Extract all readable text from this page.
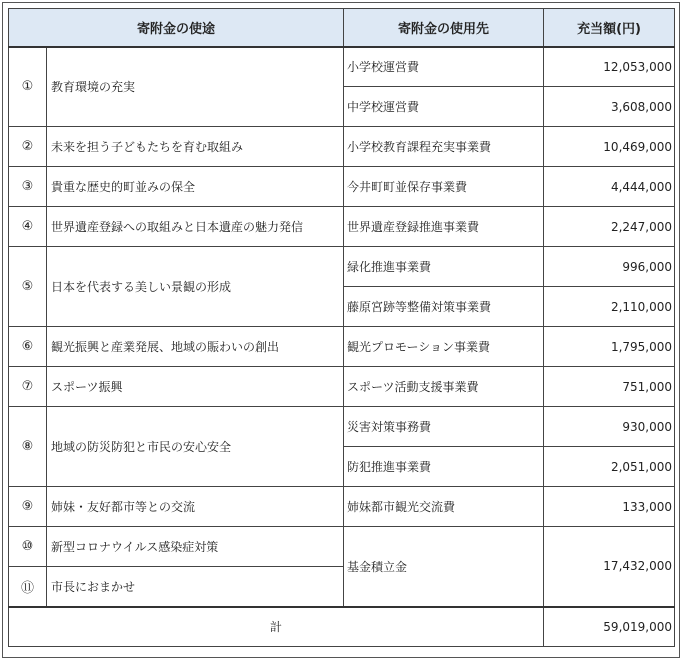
寄附金の使途		寄附金の使用先	充当額(円)
①	教育環境の充実	小学校運営費	12,053,000
		中学校運営費	3,608,000
②	未来を担う子どもたちを育む取組み	小学校教育課程充実事業費	10,469,000
③	貴重な歴史的町並みの保全	今井町町並保存事業費	4,444,000
④	世界遺産登録への取組みと日本遺産の魅力発信	世界遺産登録推進事業費	2,247,000
⑤	日本を代表する美しい景観の形成	緑化推進事業費	996,000
		藤原宮跡等整備対策事業費	2,110,000
⑥	観光振興と産業発展、地域の賑わいの創出	観光プロモーション事業費	1,795,000
⑦	スポーツ振興	スポーツ活動支援事業費	751,000
⑧	地域の防災防犯と市民の安心安全	災害対策事務費	930,000
		防犯推進事業費	2,051,000
⑨	姉妹・友好都市等との交流	姉妹都市観光交流費	133,000
⑩	新型コロナウイルス感染症対策	基金積立金	17,432,000
⑪	市長におまかせ		
計			59,019,000
